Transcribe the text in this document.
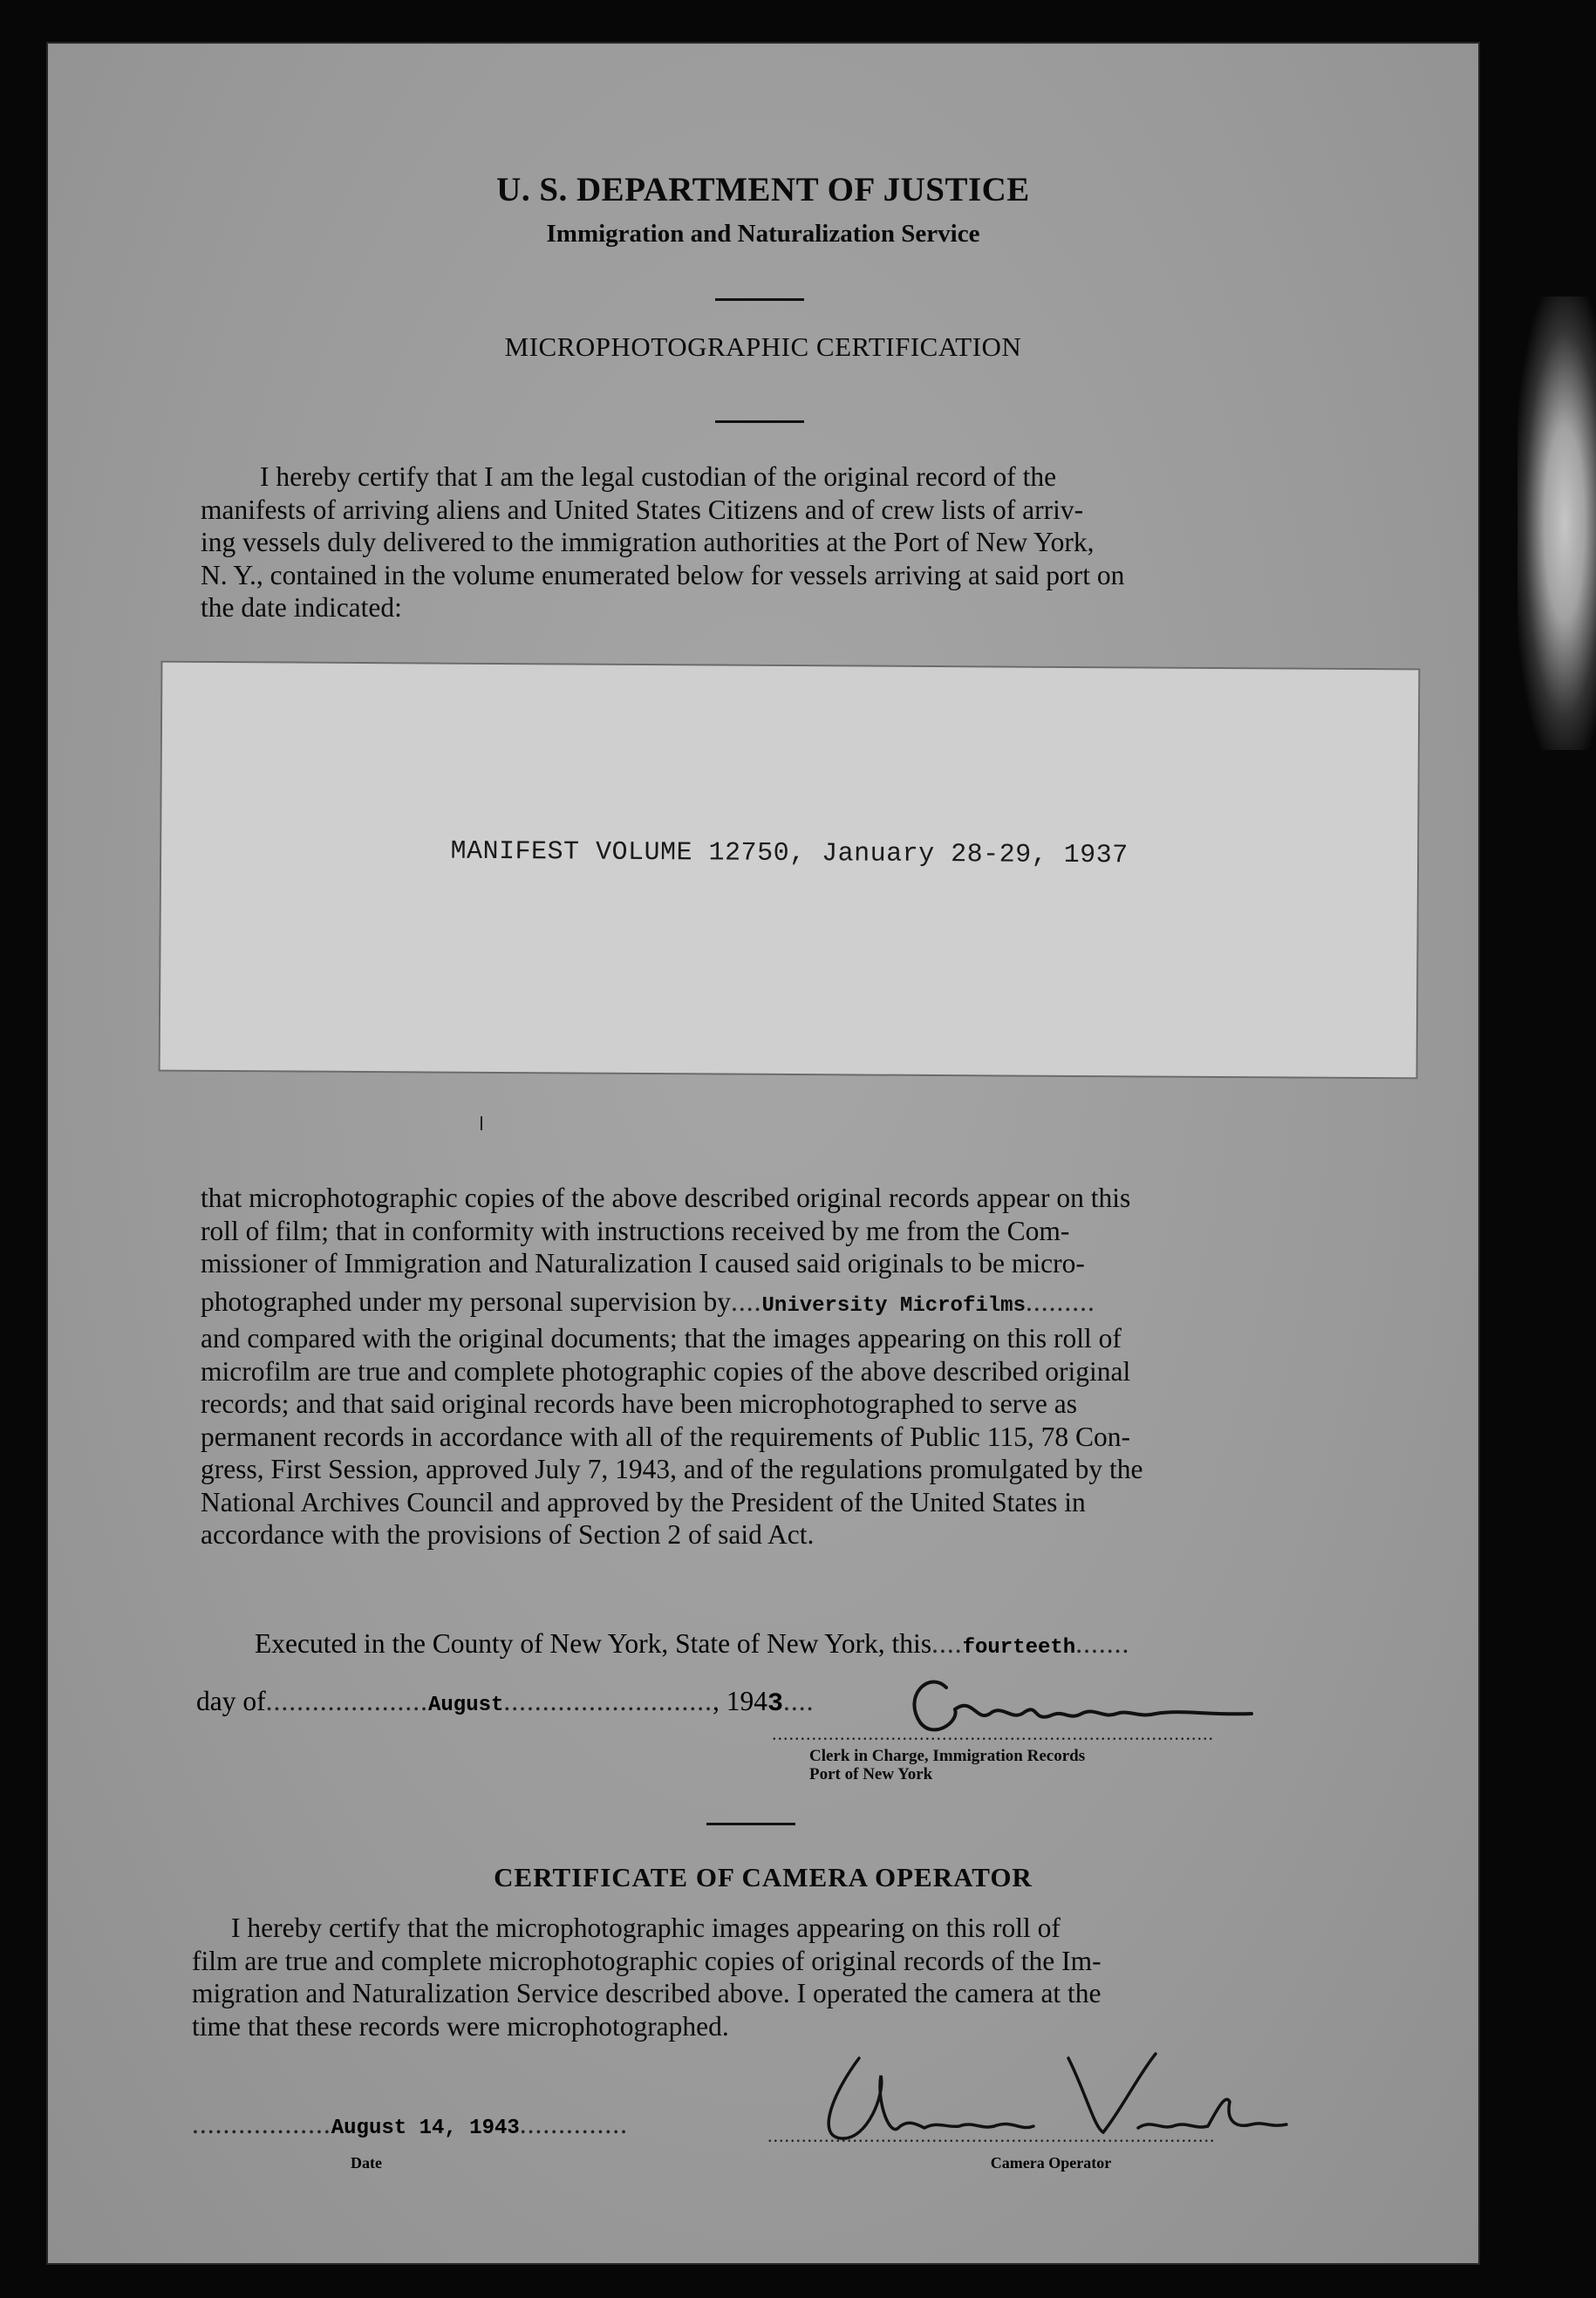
U. S. DEPARTMENT OF JUSTICE
Immigration and Naturalization Service
MICROPHOTOGRAPHIC CERTIFICATION

I hereby certify that I am the legal custodian of the original record of the

manifests of arriving aliens and United States Citizens and of crew lists of arriv-

ing vessels duly delivered to the immigration authorities at the Port of New York,

N. Y., contained in the volume enumerated below for vessels arriving at said port on

the date indicated:

MANIFEST VOLUME 12750, January 28-29, 1937

that microphotographic copies of the above described original records appear on this

roll of film; that in conformity with instructions received by me from the Com-

missioner of Immigration and Naturalization I caused said originals to be micro-

photographed under my personal supervision by....University Microfilms.........

and compared with the original documents; that the images appearing on this roll of

microfilm are true and complete photographic copies of the above described original

records; and that said original records have been microphotographed to serve as

permanent records in accordance with all of the requirements of Public 115, 78 Con-

gress, First Session, approved July 7, 1943, and of the regulations promulgated by the

National Archives Council and approved by the President of the United States in

accordance with the provisions of Section 2 of said Act.

Executed in the County of New York, State of New York, this....fourteeth.......
day of.....................August..........................., 1943....
..............................................................................
Clerk in Charge, Immigration Records
Port of New York
CERTIFICATE OF CAMERA OPERATOR

I hereby certify that the microphotographic images appearing on this roll of

film are true and complete microphotographic copies of original records of the Im-

migration and Naturalization Service described above. I operated the camera at the

time that these records were microphotographed.

..................August 14, 1943..............
Date
...............................................................................
Camera Operator
